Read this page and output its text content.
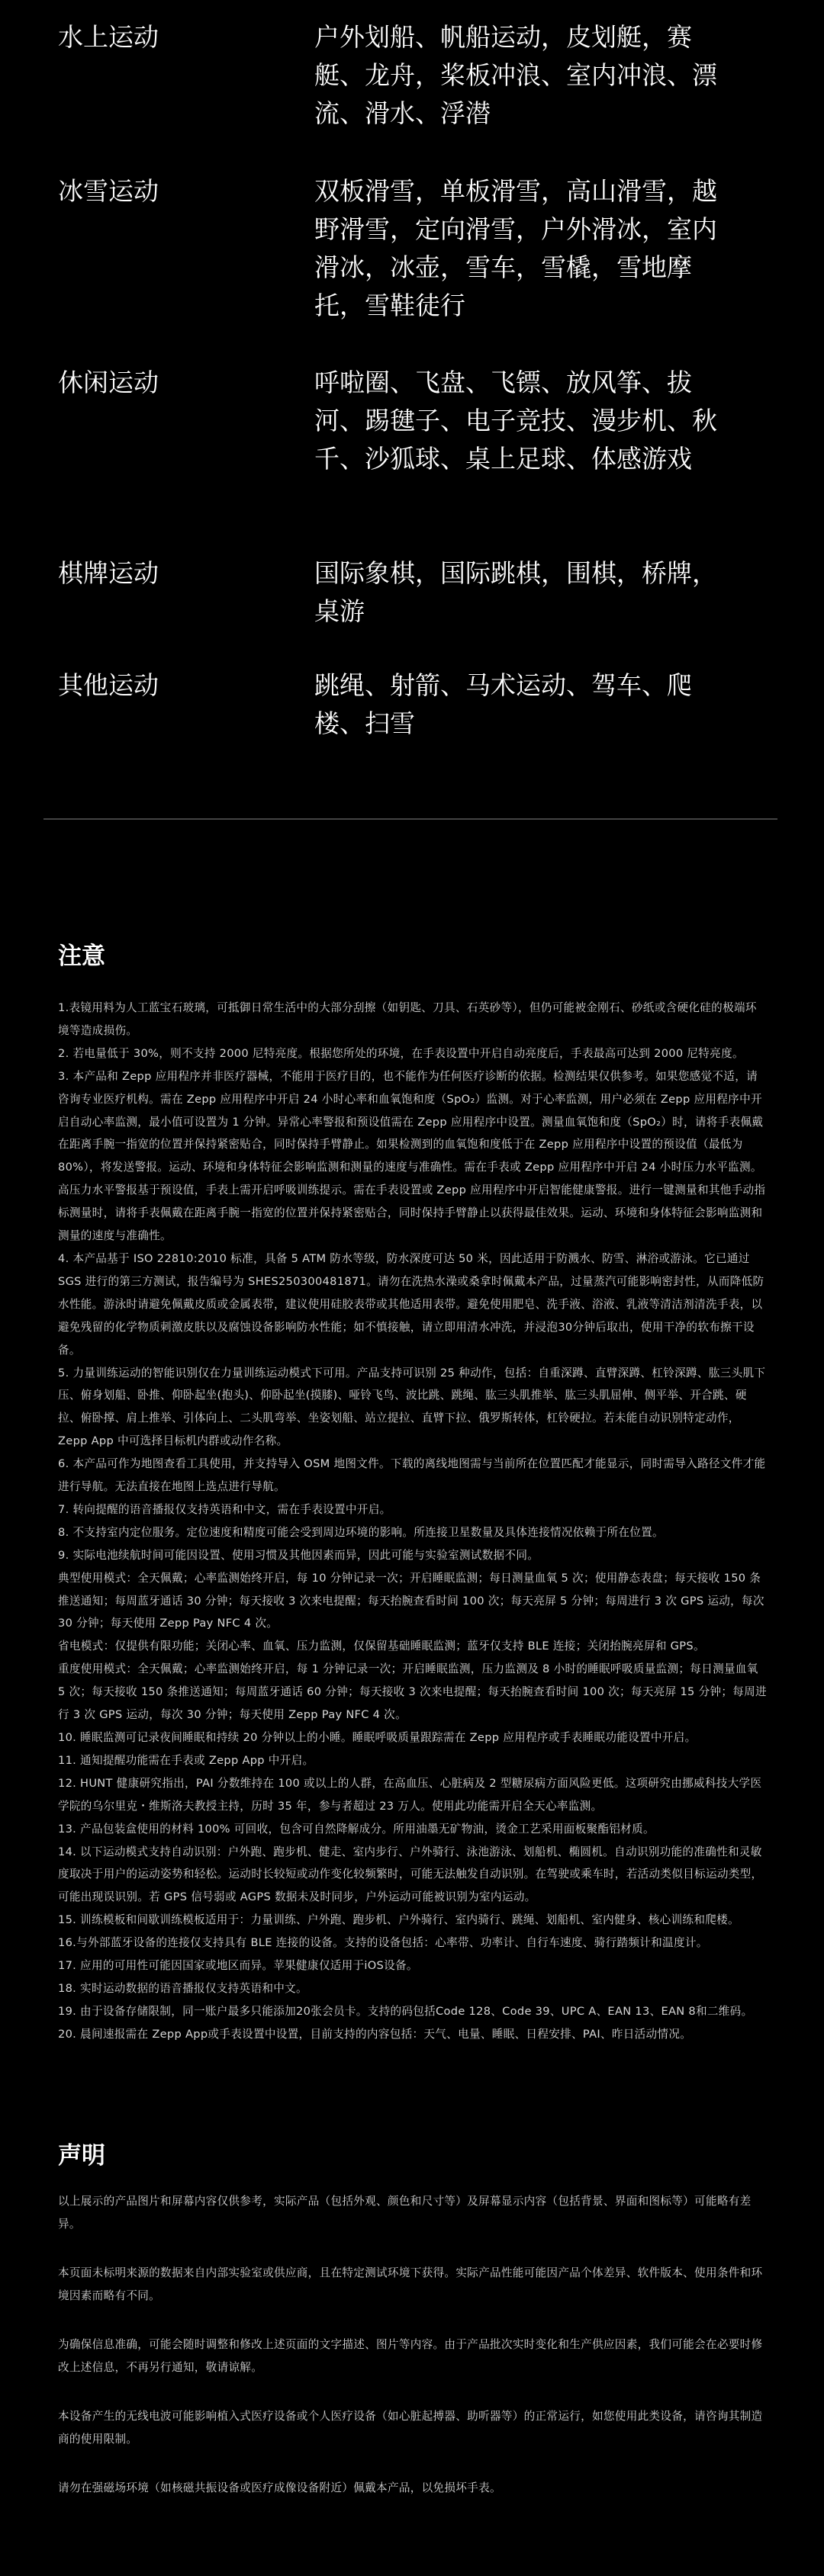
水上运动	户外划船、帆船运动，皮划艇，赛艇、龙舟，桨板冲浪、室内冲浪、漂流、滑水、浮潜
冰雪运动	双板滑雪，单板滑雪，高山滑雪，越野滑雪，定向滑雪，户外滑冰，室内滑冰，冰壶，雪车，雪橇，雪地摩托，雪鞋徒行
休闲运动	呼啦圈、飞盘、飞镖、放风筝、拔河、踢毽子、电子竞技、漫步机、秋千、沙狐球、桌上足球、体感游戏
棋牌运动	国际象棋，国际跳棋，围棋，桥牌，桌游
其他运动	跳绳、射箭、马术运动、驾车、爬楼、扫雪
注意

1.表镜用料为人工蓝宝石玻璃，可抵御日常生活中的大部分刮擦（如钥匙、刀具、石英砂等），但仍可能被金刚石、砂纸或含硬化硅的极端环境等造成损伤。

2. 若电量低于 30%，则不支持 2000 尼特亮度。根据您所处的环境，在手表设置中开启自动亮度后，手表最高可达到 2000 尼特亮度。

3. 本产品和 Zepp 应用程序并非医疗器械，不能用于医疗目的，也不能作为任何医疗诊断的依据。检测结果仅供参考。如果您感觉不适，请咨询专业医疗机构。需在 Zepp 应用程序中开启 24 小时心率和血氧饱和度（SpO₂）监测。对于心率监测，用户必须在 Zepp 应用程序中开启自动心率监测，最小值可设置为 1 分钟。异常心率警报和预设值需在 Zepp 应用程序中设置。测量血氧饱和度（SpO₂）时，请将手表佩戴在距离手腕一指宽的位置并保持紧密贴合，同时保持手臂静止。如果检测到的血氧饱和度低于在 Zepp 应用程序中设置的预设值（最低为 80%），将发送警报。运动、环境和身体特征会影响监测和测量的速度与准确性。需在手表或 Zepp 应用程序中开启 24 小时压力水平监测。高压力水平警报基于预设值，手表上需开启呼吸训练提示。需在手表设置或 Zepp 应用程序中开启智能健康警报。进行一键测量和其他手动指标测量时，请将手表佩戴在距离手腕一指宽的位置并保持紧密贴合，同时保持手臂静止以获得最佳效果。运动、环境和身体特征会影响监测和测量的速度与准确性。

4. 本产品基于 ISO 22810:2010 标准，具备 5 ATM 防水等级，防水深度可达 50 米，因此适用于防溅水、防雪、淋浴或游泳。它已通过 SGS 进行的第三方测试，报告编号为 SHES250300481871。请勿在洗热水澡或桑拿时佩戴本产品，过量蒸汽可能影响密封性，从而降低防水性能。游泳时请避免佩戴皮质或金属表带，建议使用硅胶表带或其他适用表带。避免使用肥皂、洗手液、浴液、乳液等清洁剂清洗手表，以避免残留的化学物质刺激皮肤以及腐蚀设备影响防水性能；如不慎接触，请立即用清水冲洗，并浸泡30分钟后取出，使用干净的软布擦干设备。

5. 力量训练运动的智能识别仅在力量训练运动模式下可用。产品支持可识别 25 种动作，包括：自重深蹲、直臂深蹲、杠铃深蹲、肱三头肌下压、俯身划船、卧推、仰卧起坐(抱头)、仰卧起坐(摸膝)、哑铃飞鸟、波比跳、跳绳、肱三头肌推举、肱三头肌屈伸、侧平举、开合跳、硬拉、俯卧撑、肩上推举、引体向上、二头肌弯举、坐姿划船、站立提拉、直臂下拉、俄罗斯转体，杠铃硬拉。若未能自动识别特定动作，Zepp App 中可选择目标机内群或动作名称。

6. 本产品可作为地图查看工具使用，并支持导入 OSM 地图文件。下载的离线地图需与当前所在位置匹配才能显示，同时需导入路径文件才能进行导航。无法直接在地图上选点进行导航。

7. 转向提醒的语音播报仅支持英语和中文，需在手表设置中开启。

8. 不支持室内定位服务。定位速度和精度可能会受到周边环境的影响。所连接卫星数量及具体连接情况依赖于所在位置。

9. 实际电池续航时间可能因设置、使用习惯及其他因素而异，因此可能与实验室测试数据不同。

典型使用模式：全天佩戴；心率监测始终开启，每 10 分钟记录一次；开启睡眠监测；每日测量血氧 5 次；使用静态表盘；每天接收 150 条推送通知；每周蓝牙通话 30 分钟；每天接收 3 次来电提醒；每天抬腕查看时间 100 次；每天亮屏 5 分钟；每周进行 3 次 GPS 运动，每次 30 分钟；每天使用 Zepp Pay NFC 4 次。

省电模式：仅提供有限功能；关闭心率、血氧、压力监测，仅保留基础睡眠监测；蓝牙仅支持 BLE 连接；关闭抬腕亮屏和 GPS。

重度使用模式：全天佩戴；心率监测始终开启，每 1 分钟记录一次；开启睡眠监测，压力监测及 8 小时的睡眠呼吸质量监测；每日测量血氧 5 次；每天接收 150 条推送通知；每周蓝牙通话 60 分钟；每天接收 3 次来电提醒；每天抬腕查看时间 100 次；每天亮屏 15 分钟；每周进行 3 次 GPS 运动，每次 30 分钟；每天使用 Zepp Pay NFC 4 次。

10. 睡眠监测可记录夜间睡眠和持续 20 分钟以上的小睡。睡眠呼吸质量跟踪需在 Zepp 应用程序或手表睡眠功能设置中开启。

11. 通知提醒功能需在手表或 Zepp App 中开启。

12. HUNT 健康研究指出，PAI 分数维持在 100 或以上的人群，在高血压、心脏病及 2 型糖尿病方面风险更低。这项研究由挪威科技大学医学院的乌尔里克・维斯洛夫教授主持，历时 35 年，参与者超过 23 万人。使用此功能需开启全天心率监测。

13. 产品包装盒使用的材料 100% 可回收，包含可自然降解成分。所用油墨无矿物油，烫金工艺采用面板聚酯铝材质。

14. 以下运动模式支持自动识别：户外跑、跑步机、健走、室内步行、户外骑行、泳池游泳、划船机、椭圆机。自动识别功能的准确性和灵敏度取决于用户的运动姿势和轻松。运动时长较短或动作变化较频繁时，可能无法触发自动识别。在驾驶或乘车时，若活动类似目标运动类型，可能出现误识别。若 GPS 信号弱或 AGPS 数据未及时同步，户外运动可能被识别为室内运动。

15. 训练模板和间歇训练模板适用于：力量训练、户外跑、跑步机、户外骑行、室内骑行、跳绳、划船机、室内健身、核心训练和爬楼。

16.与外部蓝牙设备的连接仅支持具有 BLE 连接的设备。支持的设备包括：心率带、功率计、自行车速度、骑行踏频计和温度计。

17. 应用的可用性可能因国家或地区而异。苹果健康仅适用于iOS设备。

18. 实时运动数据的语音播报仅支持英语和中文。

19. 由于设备存储限制，同一账户最多只能添加20张会员卡。支持的码包括Code 128、Code 39、UPC A、EAN 13、EAN 8和二维码。

20. 晨间速报需在 Zepp App或手表设置中设置，目前支持的内容包括：天气、电量、睡眠、日程安排、PAI、昨日活动情况。

声明

以上展示的产品图片和屏幕内容仅供参考，实际产品（包括外观、颜色和尺寸等）及屏幕显示内容（包括背景、界面和图标等）可能略有差异。

本页面未标明来源的数据来自内部实验室或供应商，且在特定测试环境下获得。实际产品性能可能因产品个体差异、软件版本、使用条件和环境因素而略有不同。

为确保信息准确，可能会随时调整和修改上述页面的文字描述、图片等内容。由于产品批次实时变化和生产供应因素，我们可能会在必要时修改上述信息，不再另行通知，敬请谅解。

本设备产生的无线电波可能影响植入式医疗设备或个人医疗设备（如心脏起搏器、助听器等）的正常运行，如您使用此类设备，请咨询其制造商的使用限制。

请勿在强磁场环境（如核磁共振设备或医疗成像设备附近）佩戴本产品，以免损坏手表。
